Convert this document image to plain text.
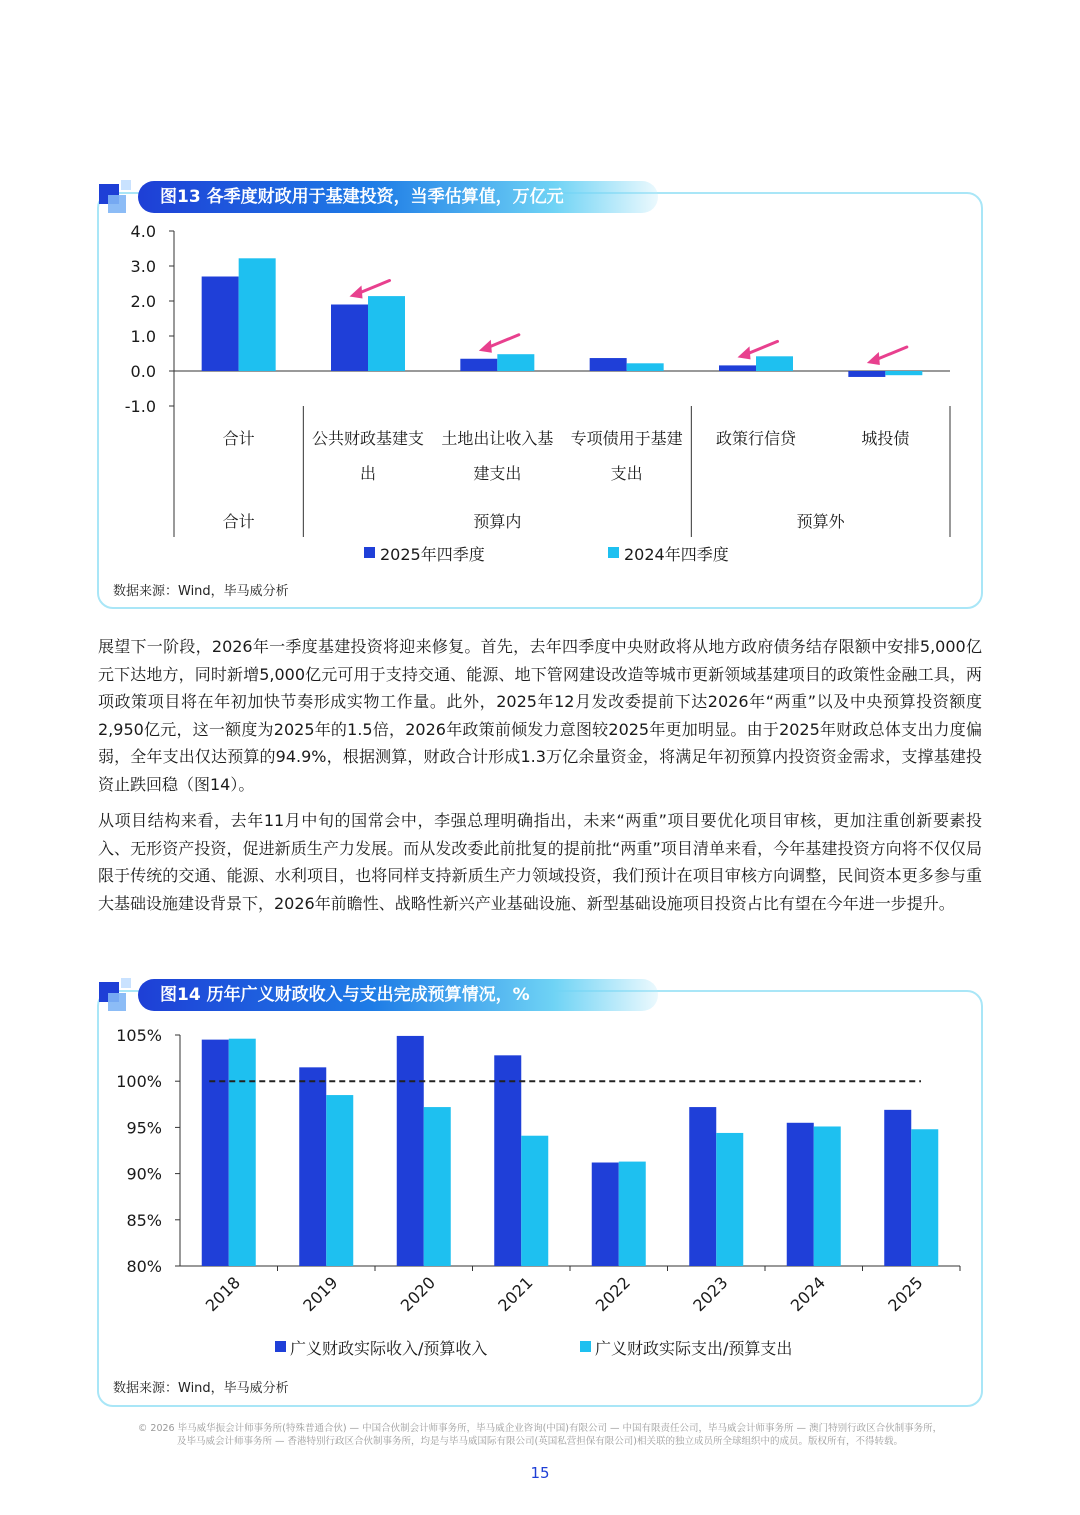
图13 各季度财政用于基建投资，当季估算值，万亿元
4.0
3.0
2.0
1.0
0.0
-1.0
合计	公共财政基建支
出
土地出让收入基
建支出
专项债用于基建
支出
政策行信贷	城投债
合计	预算内	预算外
2025年四季度	2024年四季度
数据来源：Wind，毕马威分析

展望下一阶段，2026年一季度基建投资将迎来修复。首先，去年四季度中央财政将从地方政府债务结存限额中安排5,000亿元下达地方，同时新增5,000亿元可用于支持交通、能源、地下管网建设改造等城市更新领域基建项目的政策性金融工具，两项政策项目将在年初加快节奏形成实物工作量。此外，2025年12月发改委提前下达2026年“两重”以及中央预算投资额度2,950亿元，这一额度为2025年的1.5倍，2026年政策前倾发力意图较2025年更加明显。由于2025年财政总体支出力度偏弱，全年支出仅达预算的94.9%，根据测算，财政合计形成1.3万亿余量资金，将满足年初预算内投资资金需求，支撑基建投资止跌回稳（图14）。

从项目结构来看，去年11月中旬的国常会中，李强总理明确指出，未来“两重”项目要优化项目审核，更加注重创新要素投入、无形资产投资，促进新质生产力发展。而从发改委此前批复的提前批“两重”项目清单来看，今年基建投资方向将不仅仅局限于传统的交通、能源、水利项目，也将同样支持新质生产力领域投资，我们预计在项目审核方向调整，民间资本更多参与重大基础设施建设背景下，2026年前瞻性、战略性新兴产业基础设施、新型基础设施项目投资占比有望在今年进一步提升。

图14 历年广义财政收入与支出完成预算情况，%
105%
100%
95%
90%
85%
80%
2018	2019	2020	2021	2022	2023	2024	2025
广义财政实际收入/预算收入	广义财政实际支出/预算支出
数据来源：Wind，毕马威分析
© 2026 毕马威华振会计师事务所(特殊普通合伙) — 中国合伙制会计师事务所，毕马威企业咨询(中国)有限公司 — 中国有限责任公司，毕马威会计师事务所 — 澳门特别行政区合伙制事务所，
及毕马威会计师事务所 — 香港特别行政区合伙制事务所，均是与毕马威国际有限公司(英国私营担保有限公司)相关联的独立成员所全球组织中的成员。版权所有，不得转载。
15
